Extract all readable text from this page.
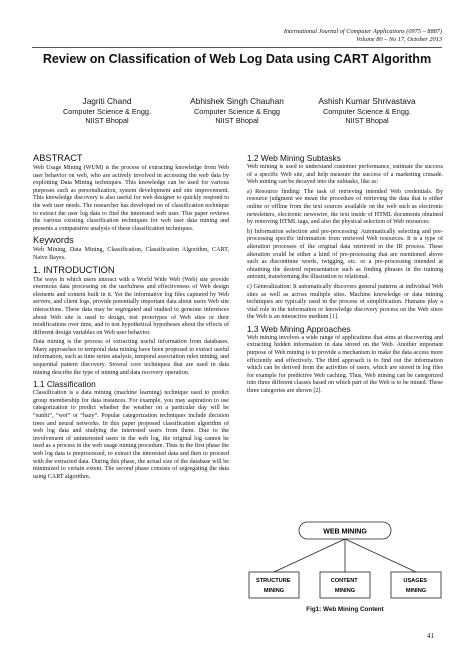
International Journal of Computer Applications (0975 – 8887)
Volume 80 – No 17, October 2013
Review on Classification of Web Log Data using CART Algorithm
Jagriti Chand
Computer Science & Engg.
NIIST Bhopal
Abhishek Singh Chauhan
Computer Science & Engg
NIIST Bhopal
Ashish Kumar Shrivastava
Computer Science & Engg.
NIIST Bhopal
ABSTRACT

Web Usage Mining (WUM) is the process of extracting knowledge from Web user behavior on web, who are actively involved in accessing the web data by exploiting Data Mining techniques. This knowledge can be used for various purposes such as personalization, system development and site improvement. This knowledge discovery is also useful for web designer to quickly respond to the web user needs. The researcher has developed no of classification technique to extract the user log data to find the interested web user. This paper reviews the various existing classification techniques for web user data mining and presents a comparative analysis of these classification techniques.

Keywords

Web Mining, Data Mining, Classification, Classification Algorithm, CART, Naive Bayes.

1. INTRODUCTION

The ways in which users interact with a World Wide Web (Web) site provide enormous data processing on the usefulness and effectiveness of Web design elements and content built in it. Yet the informative log files captured by Web servers, and client logs, provide potentially important data about users Web site interactions. These data may be segregated and studied to generate inferences about Web site is used to design, test prototypes of Web sites or their modifications over time, and to test hypothetical hypotheses about the effects of different design variables on Web user behavior.

Data mining is the process of extracting useful information from databases. Many approaches to temporal data mining have been proposed to extract useful information, such as time series analysis, temporal association rules mining, and sequential pattern discovery. Several core techniques that are used in data mining describe the type of mining and data recovery operation.

1.1 Classification

Classification is a data mining (machine learning) technique used to predict group membership for data instances. For example, you may aspiration to use categorization to predict whether the weather on a particular day will be “sunlit”, “wet” or “hazy”. Popular categorization techniques include decision trees and neural networks. In this paper proposed classification algorithm of web log data and studying the interested users from them. Due to the involvement of uninterested users in the web log, the original log cannot be used as a process in the web usage mining procedure. Thus in the first phase the web log data is preprocessed, to extract the interested data and then to proceed with the extracted data. During this phase, the actual size of the database will be minimized to certain extent. The second phase consists of segregating the data using CART algorithm.

1.2 Web Mining Subtasks

Web mining is used to understand customer performance, estimate the success of a specific Web site, and help measure the success of a marketing crusade. Web mining can be decayed into the subtasks, like as:

a) Resource finding: The task of retrieving intended Web credentials. By resource judgment we mean the procedure of retrieving the data that is either online or offline from the text sources available on the web such as electronic newsletters, electronic newswire, the text inside of HTML documents obtained by removing HTML tags, and also the physical selection of Web resources.

b) Information selection and pre-processing: Automatically selecting and pre-processing specific information from retrieved Web resources. It is a type of alteration processes of the original data retrieved in the IR process. These alteration could be either a kind of pre-processing that are mentioned above such as discontinue words, twigging, etc. or a pre-processing intended at obtaining the desired representation such as finding phrases in the training amount, transforming the illustration to relational.

c) Generalization: It automatically discovers general patterns at individual Web sites as well as across multiple sites. Machine knowledge or data mining techniques are typically used in the process of simplification. Humans play a vital role in the information or knowledge discovery process on the Web since the Web is an interactive medium [1].

1.3 Web Mining Approaches

Web mining involves a wide range of applications that aims at discovering and extracting hidden information in data stored on the Web. Another important purpose of Web mining is to provide a mechanism to make the data access more efficiently and effectively. The third approach is to find out the information which can be derived from the activities of users, which are stored in log files for example for predictive Web caching. Thus, Web mining can be categorized into three different classes based on which part of the Web is to be mined. These three categories are shown [2].

WEB MINING
STRUCTURE MINING
CONTENT MINING
USAGES MINING
Fig1: Web Mining Content
41
